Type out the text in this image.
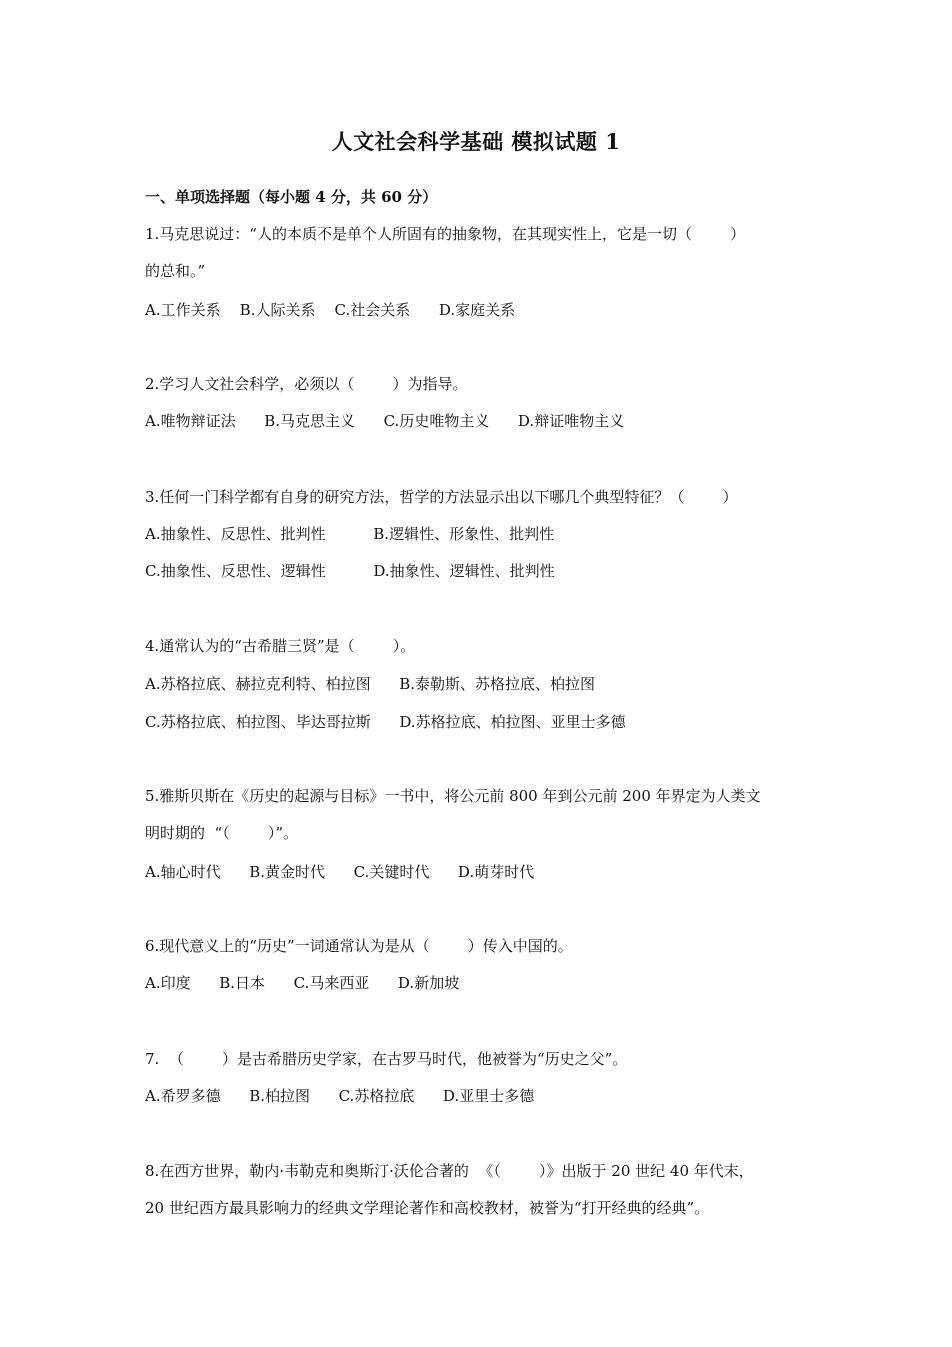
人文社会科学基础 模拟试题 1
一、单项选择题（每小题 4 分，共 60 分）
1.马克思说过：“人的本质不是单个人所固有的抽象物，在其现实性上，它是一切（        ）
的总和。”
A.工作关系    B.人际关系    C.社会关系      D.家庭关系
2.学习人文社会科学，必须以（        ）为指导。
A.唯物辩证法      B.马克思主义      C.历史唯物主义      D.辩证唯物主义
3.任何一门科学都有自身的研究方法，哲学的方法显示出以下哪几个典型特征？（        ）
A.抽象性、反思性、批判性          B.逻辑性、形象性、批判性
C.抽象性、反思性、逻辑性          D.抽象性、逻辑性、批判性
4.通常认为的“古希腊三贤”是（        ）。
A.苏格拉底、赫拉克利特、柏拉图      B.泰勒斯、苏格拉底、柏拉图
C.苏格拉底、柏拉图、毕达哥拉斯      D.苏格拉底、柏拉图、亚里士多德
5.雅斯贝斯在《历史的起源与目标》一书中，将公元前 800 年到公元前 200 年界定为人类文
明时期的  “（        ）”。
A.轴心时代      B.黄金时代      C.关键时代      D.萌芽时代
6.现代意义上的“历史”一词通常认为是从（        ）传入中国的。
A.印度      B.日本      C.马来西亚      D.新加坡
7.  （        ）是古希腊历史学家，在古罗马时代，他被誉为“历史之父”。
A.希罗多德      B.柏拉图      C.苏格拉底      D.亚里士多德
8.在西方世界，勒内·韦勒克和奥斯汀·沃伦合著的  《（        ）》出版于 20 世纪 40 年代末，
20 世纪西方最具影响力的经典文学理论著作和高校教材，被誉为“打开经典的经典”。
